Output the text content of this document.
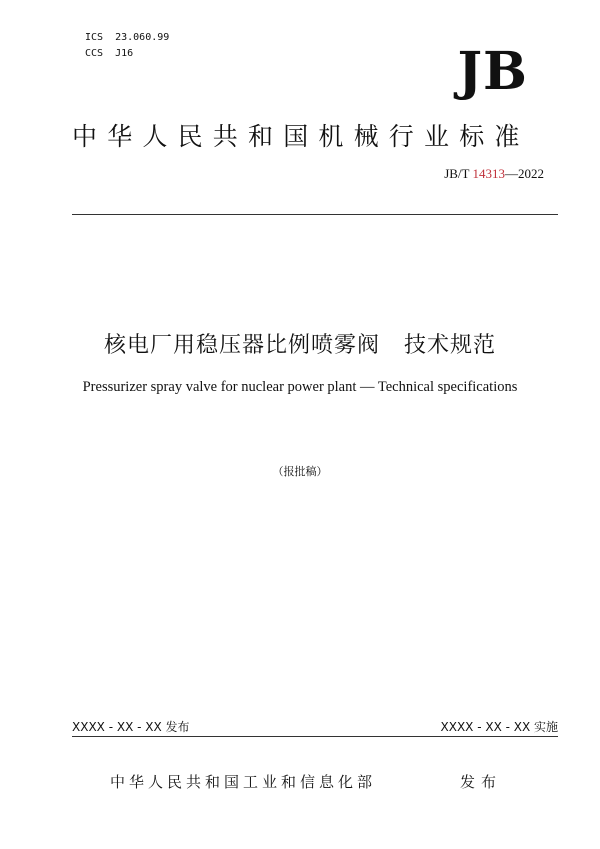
ICS  23.060.99
CCS  J16	JB
中华人民共和国机械行业标准
JB/T 14313—2022
核电厂用稳压器比例喷雾阀   技术规范
Pressurizer spray valve for nuclear power plant — Technical specifications
（报批稿）
XXXX - XX - XX 发布	XXXX - XX - XX 实施
中华人民共和国工业和信息化部	发布
